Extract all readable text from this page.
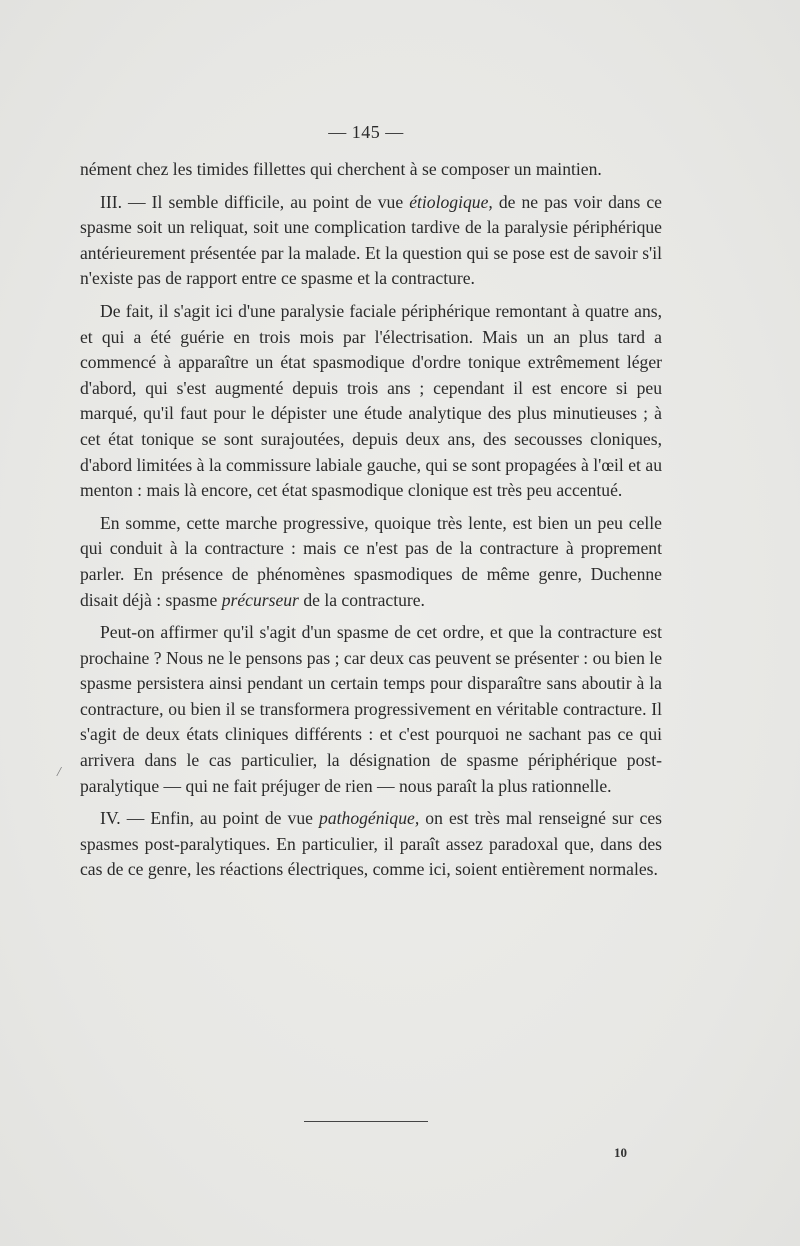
— 145 —

nément chez les timides fillettes qui cherchent à se composer un maintien.

III. — Il semble difficile, au point de vue étiologique, de ne pas voir dans ce spasme soit un reliquat, soit une complication tardive de la paralysie périphérique antérieurement présentée par la malade. Et la question qui se pose est de savoir s'il n'existe pas de rapport entre ce spasme et la contracture.

De fait, il s'agit ici d'une paralysie faciale périphérique remontant à quatre ans, et qui a été guérie en trois mois par l'électrisation. Mais un an plus tard a commencé à apparaître un état spasmodique d'ordre tonique extrêmement léger d'abord, qui s'est augmenté depuis trois ans ; cependant il est encore si peu marqué, qu'il faut pour le dépister une étude analytique des plus minutieuses ; à cet état tonique se sont surajoutées, depuis deux ans, des secousses cloniques, d'abord limitées à la commissure labiale gauche, qui se sont propagées à l'œil et au menton : mais là encore, cet état spasmodique clonique est très peu accentué.

En somme, cette marche progressive, quoique très lente, est bien un peu celle qui conduit à la contracture : mais ce n'est pas de la contracture à proprement parler. En présence de phénomènes spasmodiques de même genre, Duchenne disait déjà : spasme précurseur de la contracture.

Peut-on affirmer qu'il s'agit d'un spasme de cet ordre, et que la contracture est prochaine ? Nous ne le pensons pas ; car deux cas peuvent se présenter : ou bien le spasme persistera ainsi pendant un certain temps pour disparaître sans aboutir à la contracture, ou bien il se transformera progressivement en véritable contracture. Il s'agit de deux états cliniques différents : et c'est pourquoi ne sachant pas ce qui arrivera dans le cas particulier, la désignation de spasme périphérique post-paralytique — qui ne fait préjuger de rien — nous paraît la plus rationnelle.

IV. — Enfin, au point de vue pathogénique, on est très mal renseigné sur ces spasmes post-paralytiques. En particulier, il paraît assez paradoxal que, dans des cas de ce genre, les réactions électriques, comme ici, soient entièrement normales.

/
10
